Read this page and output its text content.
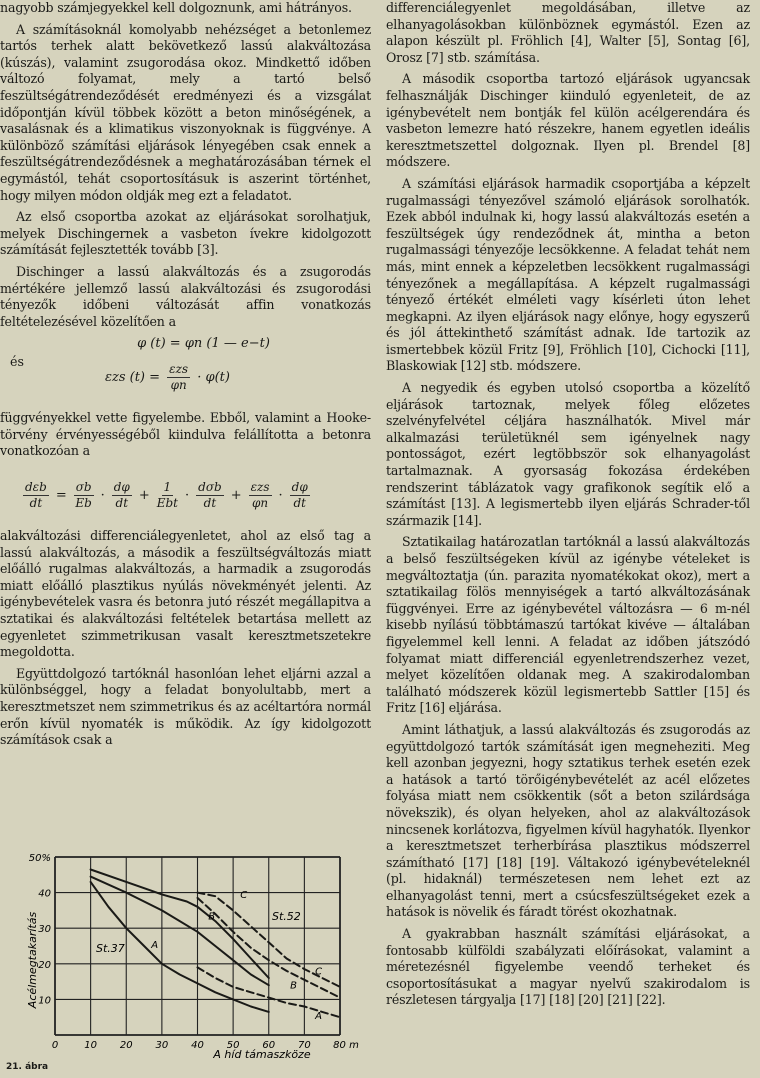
nagyobb számjegyekkel kell dolgoznunk, ami hátrányos.

A számításoknál komolyabb nehézséget a betonlemez tartós terhek alatt bekövetkező lassú alakváltozása (kúszás), valamint zsugorodása okoz. Mindkettő időben változó folyamat, mely a tartó belső feszültségátrendeződését eredményezi és a vizsgálat időpontján kívül többek között a beton minőségének, a vasalásnak és a klimatikus viszonyoknak is függvénye. A különböző számítási eljárások lényegében csak ennek a feszültségátrendeződésnek a meghatározásában térnek el egymástól, tehát csoportosításuk is aszerint történhet, hogy milyen módon oldják meg ezt a feladatot.

Az első csoportba azokat az eljárásokat sorolhatjuk, melyek Dischingernek a vasbeton ívekre kidolgozott számítását fejlesztették tovább [3].

Dischinger a lassú alakváltozás és a zsugorodás mértékére jellemző lassú alakváltozási és zsugorodási tényezők időbeni változását affin vonatkozás feltételezésével közelítően a

φ (t) = φn (1 — e−t)
és
εzs $(t) = \frac{\text{εzs}}{\varphi n} \cdot \varphi(t)$

függvényekkel vette figyelembe. Ebből, valamint a Hooke-törvény érvényességéből kiindulva felállította a betonra vonatkozóan a

$\frac{\text{dεb}}{dt} = \frac{\sigma b}{Eb} \cdot \frac{d\varphi}{dt} + \frac{1}{\text{Ebt}} \cdot \frac{\text{dσb}}{dt} + \frac{\text{εzs}}{\varphi n} \cdot \frac{d\varphi}{dt}$

alakváltozási differenciálegyenletet, ahol az első tag a lassú alakváltozás, a második a feszültségváltozás miatt előálló rugalmas alakváltozás, a harmadik a zsugorodás miatt előálló plasztikus nyúlás növekményét jelenti. Az igénybevételek vasra és betonra jutó részét megállapitva a sztatikai és alakváltozási feltételek betartása mellett az egyenletet szimmetrikusan vasalt keresztmetszetekre megoldotta.

Együttdolgozó tartóknál hasonlóan lehet eljárni azzal a különbséggel, hogy a feladat bonyolultabb, mert a keresztmetszet nem szimmetrikus és az acéltartóra normál erőn kívül nyomaték is működik. Az így kidolgozott számítások csak a

C
B
A
C
B
A
0	10 20 30 40 50 60 70 80 m
10
20
30
40
50%
Acélmegtakarítás
A híd támaszköze
St.37
St.52
21. ábra

differenciálegyenlet megoldásában, illetve az elhanyagolásokban különböznek egymástól. Ezen az alapon készült pl. Fröhlich [4], Walter [5], Sontag [6], Orosz [7] stb. számítása.

A második csoportba tartozó eljárások ugyancsak felhasználják Dischinger kiinduló egyenleteit, de az igénybevételt nem bontják fel külön acélgerendára és vasbeton lemezre ható részekre, hanem egyetlen ideális keresztmetszettel dolgoznak. Ilyen pl. Brendel [8] módszere.

A számítási eljárások harmadik csoportjába a képzelt rugalmassági tényezővel számoló eljárások sorolhatók. Ezek abból indulnak ki, hogy lassú alakváltozás esetén a feszültségek úgy rendeződnek át, mintha a beton rugalmassági tényezője lecsökkenne. A feladat tehát nem más, mint ennek a képzeletben lecsökkent rugalmassági tényezőnek a megállapítása. A képzelt rugalmassági tényező értékét elméleti vagy kísérleti úton lehet megkapni. Az ilyen eljárások nagy előnye, hogy egyszerű és jól áttekinthető számítást adnak. Ide tartozik az ismertebbek közül Fritz [9], Fröhlich [10], Cichocki [11], Blaskowiak [12] stb. módszere.

A negyedik és egyben utolsó csoportba a közelítő eljárások tartoznak, melyek főleg előzetes szelvényfelvétel céljára használhatók. Mivel már alkalmazási területüknél sem igényelnek nagy pontosságot, ezért legtöbbször sok elhanyagolást tartalmaznak. A gyorsaság fokozása érdekében rendszerint táblázatok vagy grafikonok segítik elő a számítást [13]. A legismertebb ilyen eljárás Schrader-től származik [14].

Sztatikailag határozatlan tartóknál a lassú alakváltozás a belső feszültségeken kívül az igénybe vételeket is megváltoztatja (ún. parazita nyomatékokat okoz), mert a sztatikailag fölös mennyiségek a tartó alkváltozásának függvényei. Erre az igénybevétel változásra — 6 m-nél kisebb nyílású többtámaszú tartókat kivéve — általában figyelemmel kell lenni. A feladat az időben játszódó folyamat miatt differenciál egyenletrendszerhez vezet, melyet közelítően oldanak meg. A szakirodalomban található módszerek közül legismertebb Sattler [15] és Fritz [16] eljárása.

Amint láthatjuk, a lassú alakváltozás és zsugorodás az együttdolgozó tartók számítását igen megneheziti. Meg kell azonban jegyezni, hogy sztatikus terhek esetén ezek a hatások a tartó törőigénybevételét az acél előzetes folyása miatt nem csökkentik (sőt a beton szilárdsága növekszik), és olyan helyeken, ahol az alakváltozások nincsenek korlátozva, figyelmen kívül hagyhatók. Ilyenkor a keresztmetszet terherbírása plasztikus módszerrel számítható [17] [18] [19]. Váltakozó igénybevételeknél (pl. hidaknál) természetesen nem lehet ezt az elhanyagolást tenni, mert a csúcsfeszültségeket ezek a hatások is növelik és fáradt törést okozhatnak.

A gyakrabban használt számítási eljárásokat, a fontosabb külföldi szabályzati előírásokat, valamint a méretezésnél figyelembe veendő terheket és csoportosításukat a magyar nyelvű szakirodalom is részletesen tárgyalja [17] [18] [20] [21] [22].
